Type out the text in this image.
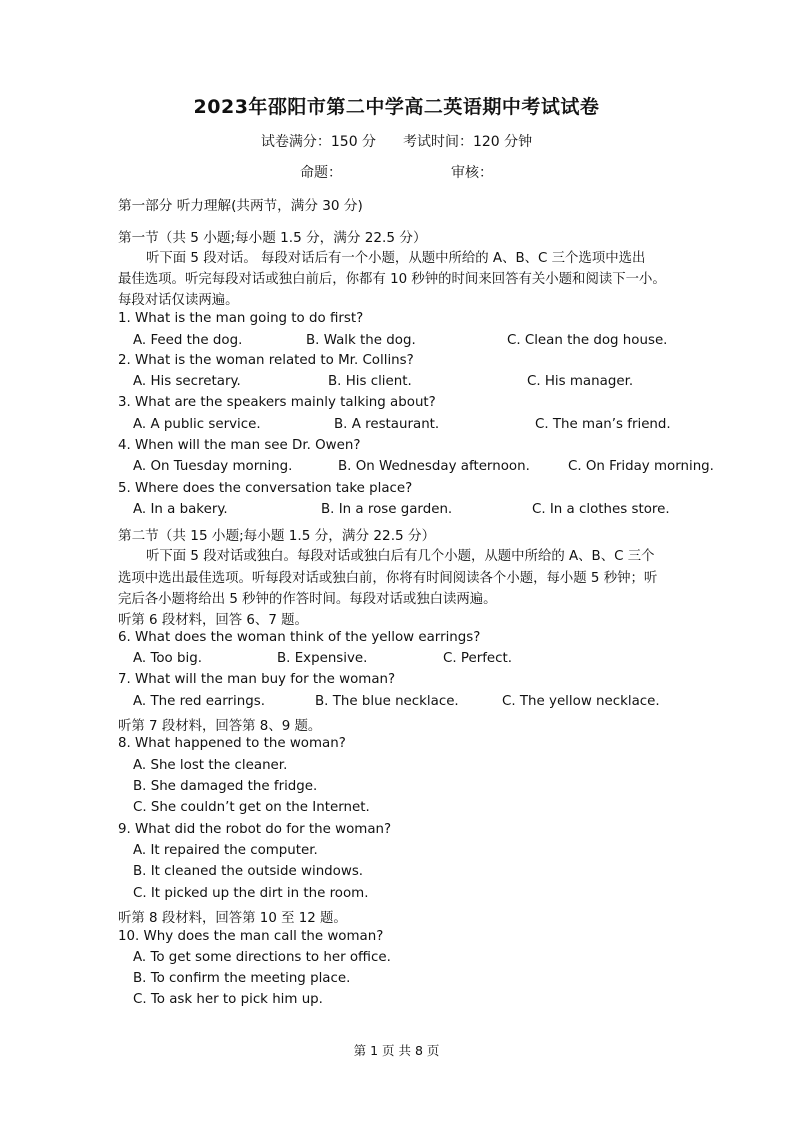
2023年邵阳市第二中学高二英语期中考试试卷
试卷满分：150 分 考试时间：120 分钟
命题：	审核：
第一部分 听力理解(共两节，满分 30 分)
第一节（共 5 小题;每小题 1.5 分，满分 22.5 分）
听下面 5 段对话。 每段对话后有一个小题，从题中所给的 A、B、C 三个选项中选出
最佳选项。听完每段对话或独白前后，你都有 10 秒钟的时间来回答有关小题和阅读下一小。
每段对话仅读两遍。
1. What is the man going to do first?
A. Feed the dog.	B. Walk the dog.	C. Clean the dog house.
2. What is the woman related to Mr. Collins?
A. His secretary.	B. His client.	C. His manager.
3. What are the speakers mainly talking about?
A. A public service.	B. A restaurant.	C. The man’s friend.
4. When will the man see Dr. Owen?
A. On Tuesday morning.	B. On Wednesday afternoon.	C. On Friday morning.
5. Where does the conversation take place?
A. In a bakery.	B. In a rose garden.	C. In a clothes store.
第二节（共 15 小题;每小题 1.5 分，满分 22.5 分）
听下面 5 段对话或独白。每段对话或独白后有几个小题，从题中所给的 A、B、C 三个
选项中选出最佳选项。听每段对话或独白前，你将有时间阅读各个小题，每小题 5 秒钟；听
完后各小题将给出 5 秒钟的作答时间。每段对话或独白读两遍。
听第 6 段材料，回答 6、7 题。
6. What does the woman think of the yellow earrings?
A. Too big.	B. Expensive.	C. Perfect.
7. What will the man buy for the woman?
A. The red earrings.	B. The blue necklace.	C. The yellow necklace.
听第 7 段材料，回答第 8、9 题。
8. What happened to the woman?
A. She lost the cleaner.
B. She damaged the fridge.
C. She couldn’t get on the Internet.
9. What did the robot do for the woman?
A. It repaired the computer.
B. It cleaned the outside windows.
C. It picked up the dirt in the room.
听第 8 段材料，回答第 10 至 12 题。
10. Why does the man call the woman?
A. To get some directions to her office.
B. To confirm the meeting place.
C. To ask her to pick him up.
第 1 页 共 8 页
